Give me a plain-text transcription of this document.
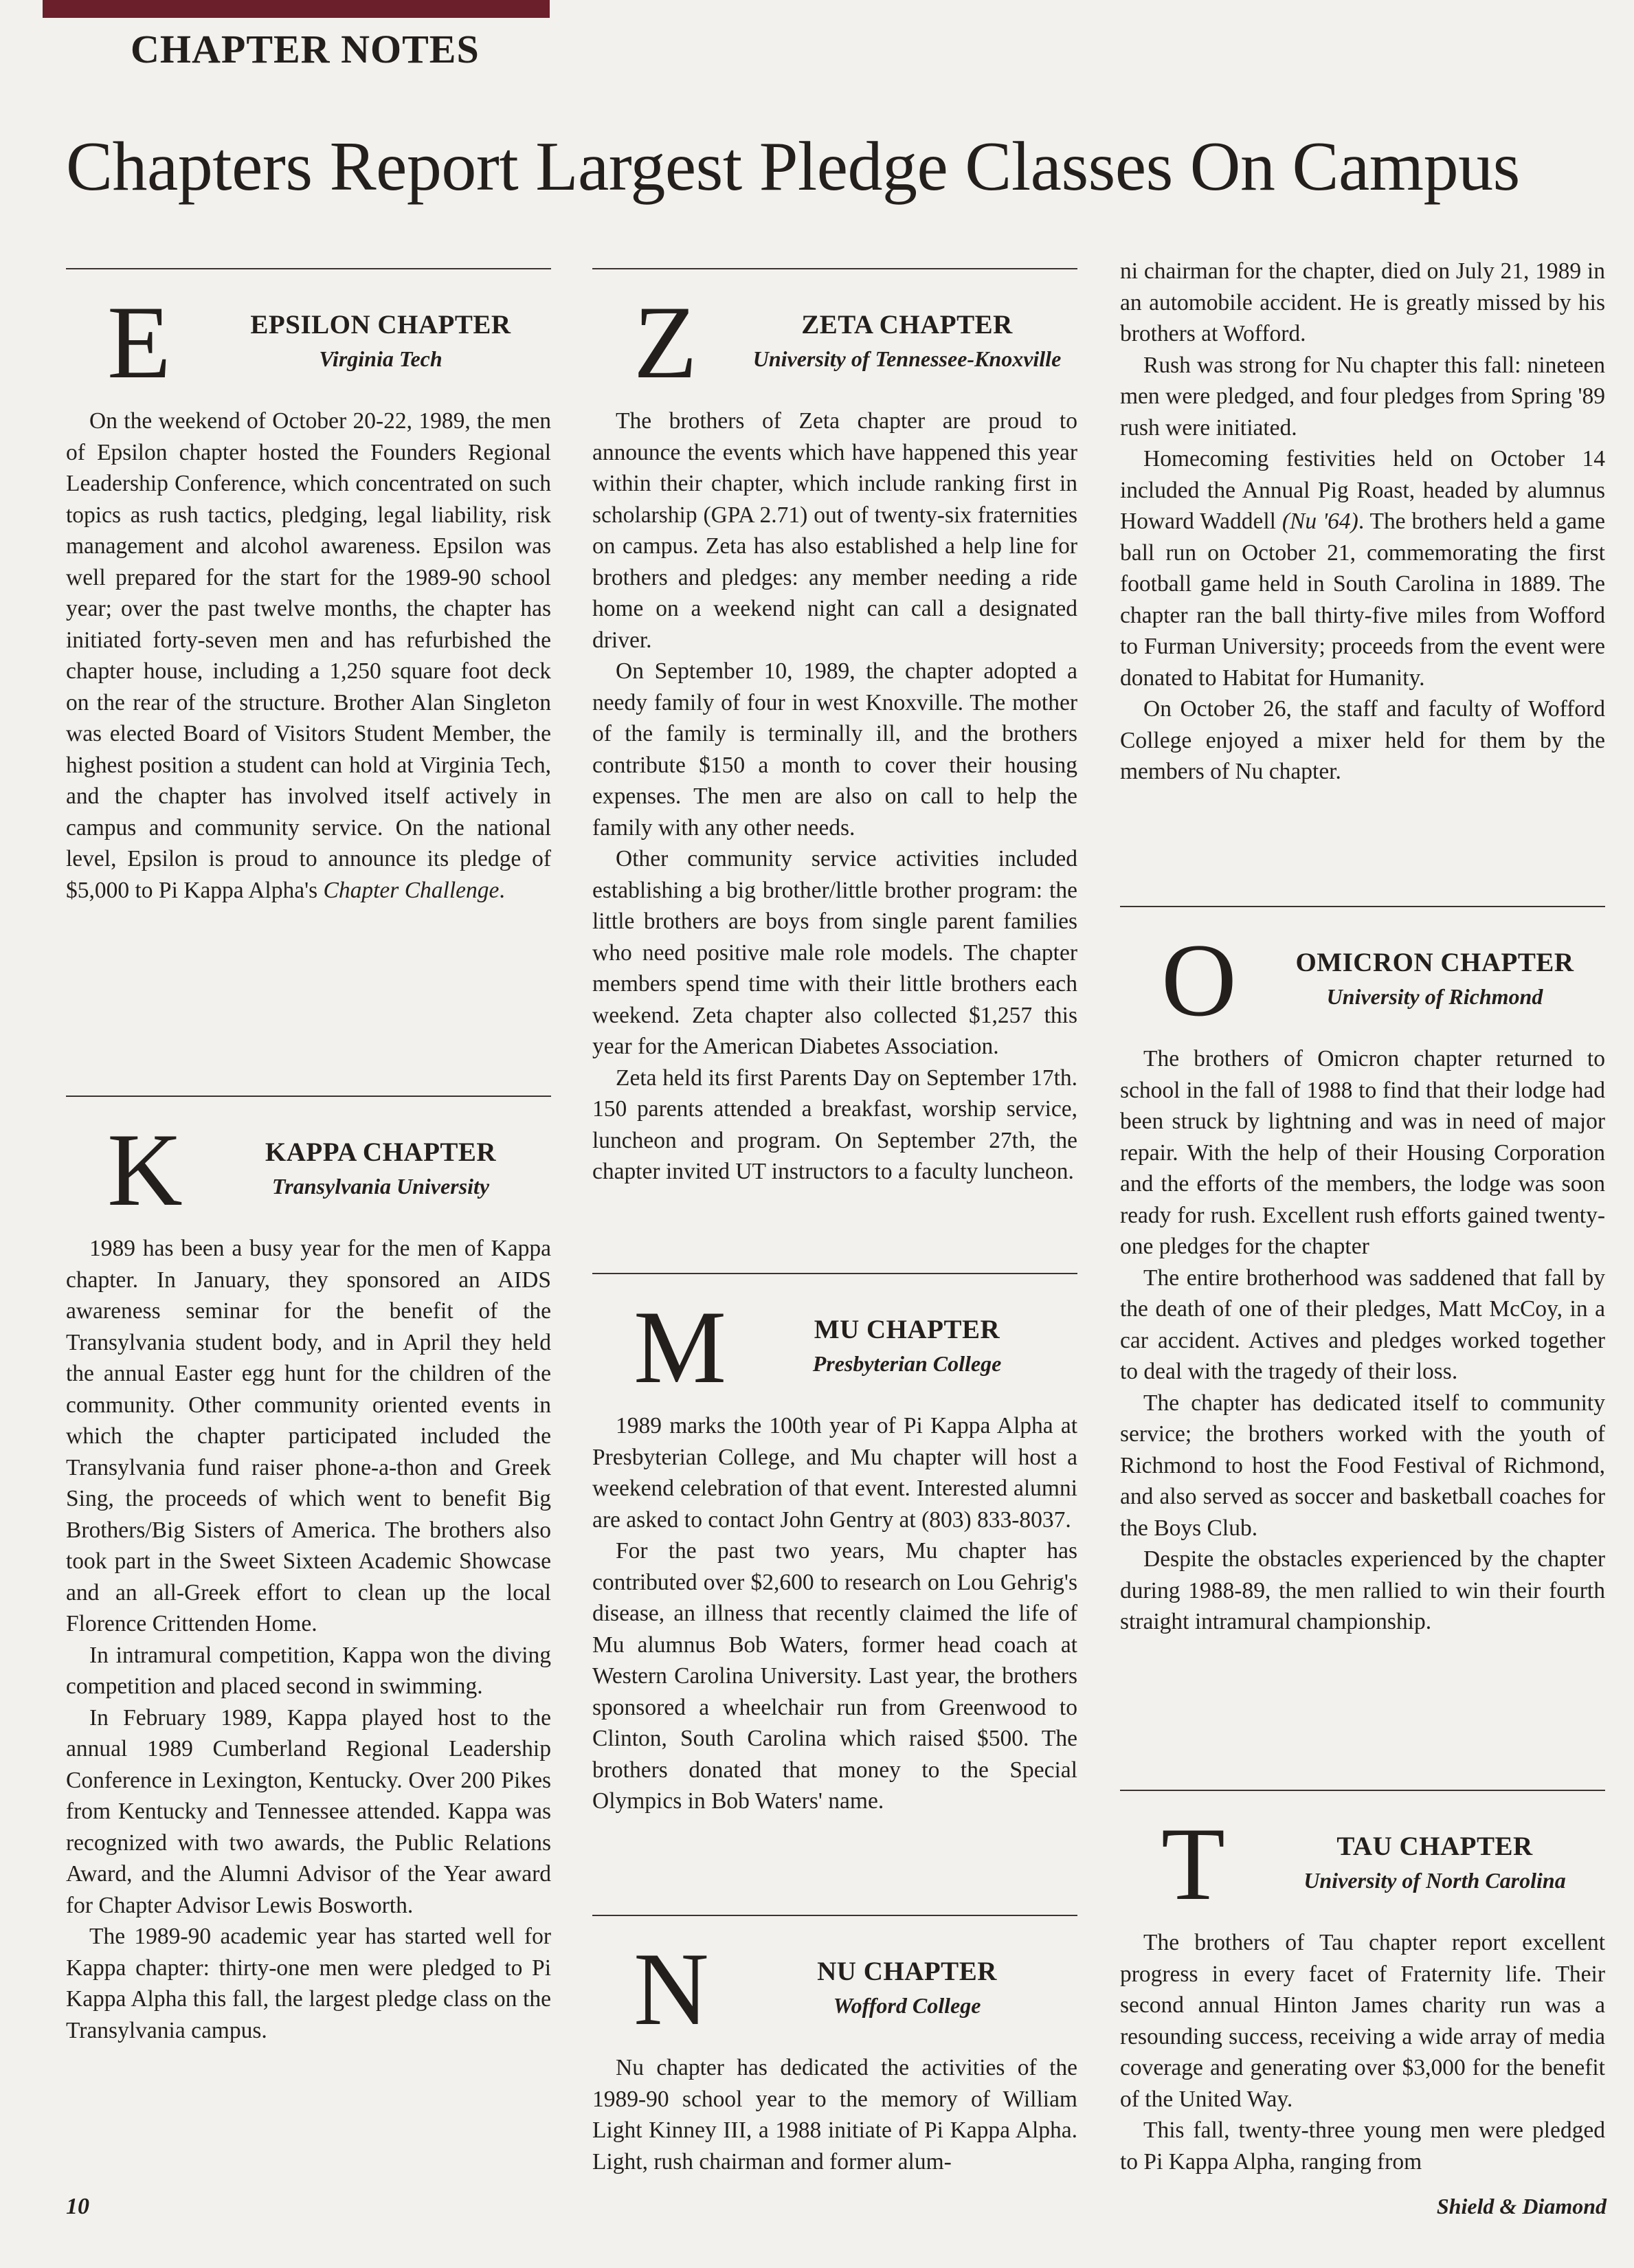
CHAPTER NOTES
Chapters Report Largest Pledge Classes On Campus
E	EPSILON CHAPTER
Virginia Tech

On the weekend of October 20-22, 1989, the men of Epsilon chapter hosted the Founders Regional Leadership Conference, which concentrated on such topics as rush tactics, pledging, legal liability, risk management and alcohol awareness. Epsilon was well prepared for the start for the 1989-90 school year; over the past twelve months, the chapter has initiated forty-seven men and has refurbished the chapter house, including a 1,250 square foot deck on the rear of the structure. Brother Alan Singleton was elected Board of Visitors Student Member, the highest position a student can hold at Virginia Tech, and the chapter has involved itself actively in campus and community service. On the national level, Epsilon is proud to announce its pledge of $5,000 to Pi Kappa Alpha's Chapter Challenge.

K	KAPPA CHAPTER
Transylvania University

1989 has been a busy year for the men of Kappa chapter. In January, they sponsored an AIDS awareness seminar for the benefit of the Transylvania student body, and in April they held the annual Easter egg hunt for the children of the community. Other community oriented events in which the chapter participated included the Transylvania fund raiser phone-a-thon and Greek Sing, the proceeds of which went to benefit Big Brothers/Big Sisters of America. The brothers also took part in the Sweet Sixteen Academic Showcase and an all-Greek effort to clean up the local Florence Crittenden Home.

In intramural competition, Kappa won the diving competition and placed second in swimming.

In February 1989, Kappa played host to the annual 1989 Cumberland Regional Leadership Conference in Lexington, Kentucky. Over 200 Pikes from Kentucky and Tennessee attended. Kappa was recognized with two awards, the Public Relations Award, and the Alumni Advisor of the Year award for Chapter Advisor Lewis Bosworth.

The 1989-90 academic year has started well for Kappa chapter: thirty-one men were pledged to Pi Kappa Alpha this fall, the largest pledge class on the Transylvania campus.

Z	ZETA CHAPTER
University of Tennessee-Knoxville

The brothers of Zeta chapter are proud to announce the events which have happened this year within their chapter, which include ranking first in scholarship (GPA 2.71) out of twenty-six fraternities on campus. Zeta has also established a help line for brothers and pledges: any member needing a ride home on a weekend night can call a designated driver.

On September 10, 1989, the chapter adopted a needy family of four in west Knoxville. The mother of the family is terminally ill, and the brothers contribute $150 a month to cover their housing expenses. The men are also on call to help the family with any other needs.

Other community service activities included establishing a big brother/little brother program: the little brothers are boys from single parent families who need positive male role models. The chapter members spend time with their little brothers each weekend. Zeta chapter also collected $1,257 this year for the American Diabetes Association.

Zeta held its first Parents Day on September 17th. 150 parents attended a breakfast, worship service, luncheon and program. On September 27th, the chapter invited UT instructors to a faculty luncheon.

M	MU CHAPTER
Presbyterian College

1989 marks the 100th year of Pi Kappa Alpha at Presbyterian College, and Mu chapter will host a weekend celebration of that event. Interested alumni are asked to contact John Gentry at (803) 833-8037.

For the past two years, Mu chapter has contributed over $2,600 to research on Lou Gehrig's disease, an illness that recently claimed the life of Mu alumnus Bob Waters, former head coach at Western Carolina University. Last year, the brothers sponsored a wheelchair run from Greenwood to Clinton, South Carolina which raised $500. The brothers donated that money to the Special Olympics in Bob Waters' name.

N	NU CHAPTER
Wofford College

Nu chapter has dedicated the activities of the 1989-90 school year to the memory of William Light Kinney III, a 1988 initiate of Pi Kappa Alpha. Light, rush chairman and former alum-

ni chairman for the chapter, died on July 21, 1989 in an automobile accident. He is greatly missed by his brothers at Wofford.

Rush was strong for Nu chapter this fall: nineteen men were pledged, and four pledges from Spring '89 rush were initiated.

Homecoming festivities held on October 14 included the Annual Pig Roast, headed by alumnus Howard Waddell (Nu '64). The brothers held a game ball run on October 21, commemorating the first football game held in South Carolina in 1889. The chapter ran the ball thirty-five miles from Wofford to Furman University; proceeds from the event were donated to Habitat for Humanity.

On October 26, the staff and faculty of Wofford College enjoyed a mixer held for them by the members of Nu chapter.

O	OMICRON CHAPTER
University of Richmond

The brothers of Omicron chapter returned to school in the fall of 1988 to find that their lodge had been struck by lightning and was in need of major repair. With the help of their Housing Corporation and the efforts of the members, the lodge was soon ready for rush. Excellent rush efforts gained twenty-one pledges for the chapter

The entire brotherhood was saddened that fall by the death of one of their pledges, Matt McCoy, in a car accident. Actives and pledges worked together to deal with the tragedy of their loss.

The chapter has dedicated itself to community service; the brothers worked with the youth of Richmond to host the Food Festival of Richmond, and also served as soccer and basketball coaches for the Boys Club.

Despite the obstacles experienced by the chapter during 1988-89, the men rallied to win their fourth straight intramural championship.

T	TAU CHAPTER
University of North Carolina

The brothers of Tau chapter report excellent progress in every facet of Fraternity life. Their second annual Hinton James charity run was a resounding success, receiving a wide array of media coverage and generating over $3,000 for the benefit of the United Way.

This fall, twenty-three young men were pledged to Pi Kappa Alpha, ranging from

10	Shield & Diamond
